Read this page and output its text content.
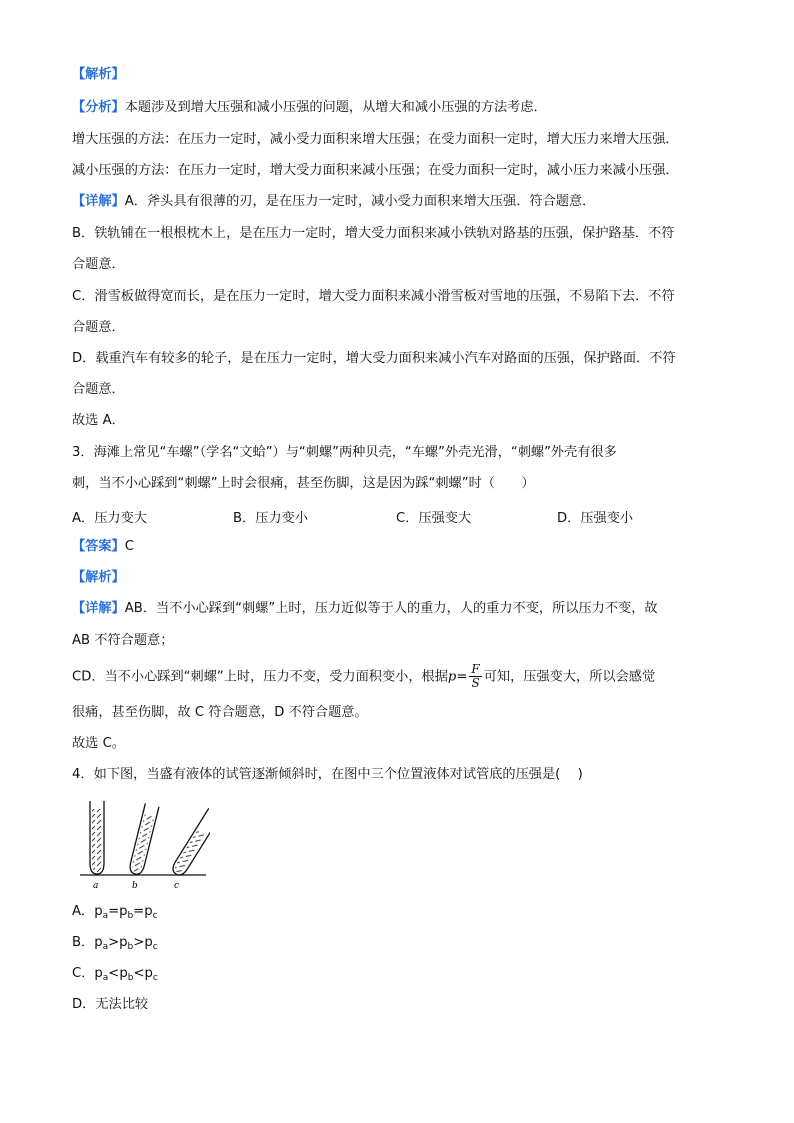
【解析】
【分析】本题涉及到增大压强和减小压强的问题，从增大和减小压强的方法考虑．
增大压强的方法：在压力一定时，减小受力面积来增大压强；在受力面积一定时，增大压力来增大压强．
减小压强的方法：在压力一定时，增大受力面积来减小压强；在受力面积一定时，减小压力来减小压强．
【详解】A．斧头具有很薄的刃，是在压力一定时，减小受力面积来增大压强．符合题意．
B．铁轨铺在一根根枕木上，是在压力一定时，增大受力面积来减小铁轨对路基的压强，保护路基．不符
合题意．
C．滑雪板做得宽而长，是在压力一定时，增大受力面积来减小滑雪板对雪地的压强，不易陷下去．不符
合题意．
D．载重汽车有较多的轮子，是在压力一定时，增大受力面积来减小汽车对路面的压强，保护路面．不符
合题意．
故选 A．
3．海滩上常见“车螺”（学名“文蛤”）与“刺螺”两种贝壳，“车螺”外壳光滑，“刺螺”外壳有很多
刺，当不小心踩到“刺螺”上时会很痛，甚至伤脚，这是因为踩“刺螺”时（　　）
A．压力变大	B．压力变小	C．压强变大	D．压强变小
【答案】C
【解析】
【详解】AB．当不小心踩到“刺螺”上时，压力近似等于人的重力，人的重力不变，所以压力不变，故
AB 不符合题意；
CD．当不小心踩到“刺螺”上时，压力不变，受力面积变小，根据$p= \frac{F}{S}$ 可知，压强变大，所以会感觉
很痛，甚至伤脚，故 C 符合题意，D 不符合题意。
故选 C。
4．如下图，当盛有液体的试管逐渐倾斜时，在图中三个位置液体对试管底的压强是(　 )
a	b	c
A．$p_a=p_b=p_c$
B．$p_a>p_b>p_c$
C．$p_a<p_b<p_c$
D．无法比较
